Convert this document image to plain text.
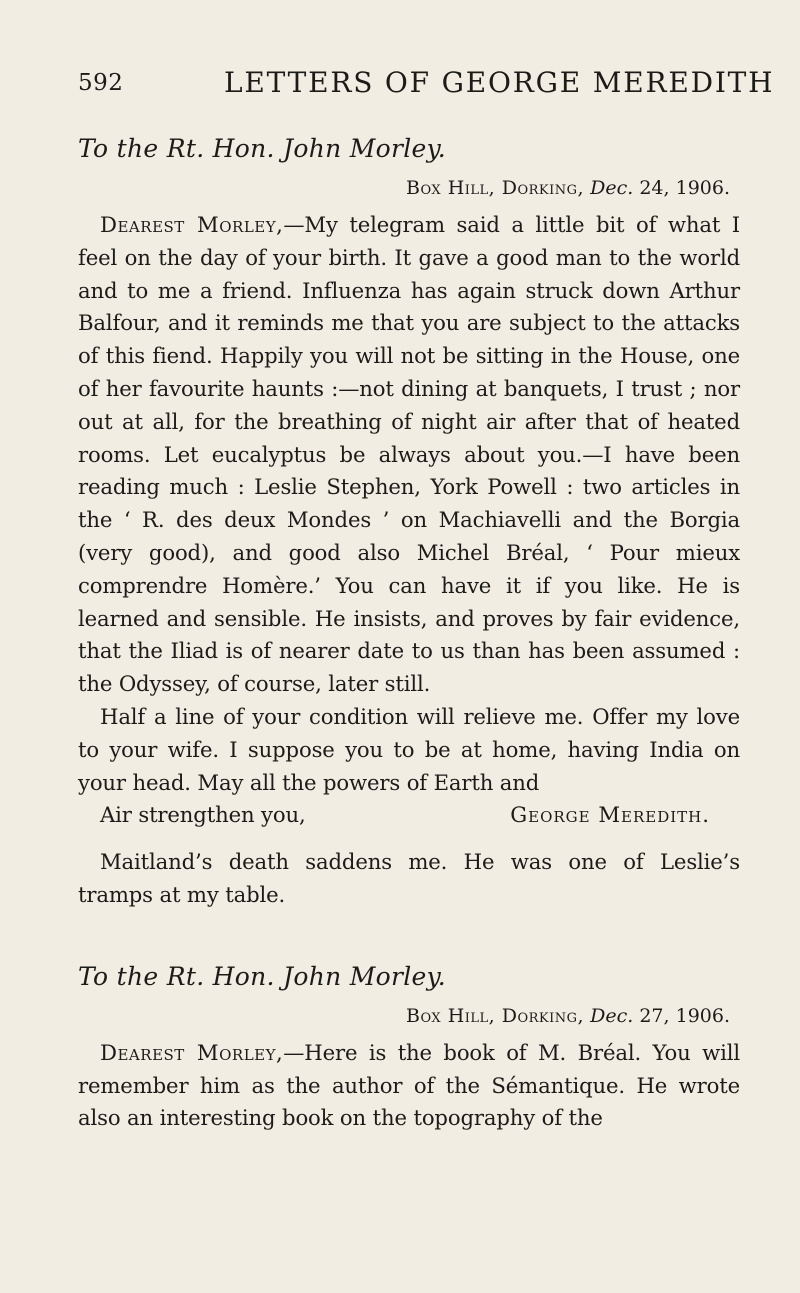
592	LETTERS OF GEORGE MEREDITH

To the Rt. Hon. John Morley.

Box Hill, Dorking, Dec. 24, 1906.

Dearest Morley,—My telegram said a little bit of what I feel on the day of your birth. It gave a good man to the world and to me a friend. Influenza has again struck down Arthur Balfour, and it reminds me that you are subject to the attacks of this fiend. Happily you will not be sitting in the House, one of her favourite haunts :—not dining at banquets, I trust ; nor out at all, for the breathing of night air after that of heated rooms. Let eucalyptus be always about you.—I have been reading much : Leslie Stephen, York Powell : two articles in the ‘ R. des deux Mondes ’ on Machiavelli and the Borgia (very good), and good also Michel Bréal, ‘ Pour mieux comprendre Homère.’ You can have it if you like. He is learned and sensible. He insists, and proves by fair evidence, that the Iliad is of nearer date to us than has been assumed : the Odyssey, of course, later still.

Half a line of your condition will relieve me. Offer my love to your wife. I suppose you to be at home, having India on your head. May all the powers of Earth and

Air strengthen you,	George Meredith.

Maitland’s death saddens me. He was one of Leslie’s tramps at my table.

To the Rt. Hon. John Morley.

Box Hill, Dorking, Dec. 27, 1906.

Dearest Morley,—Here is the book of M. Bréal. You will remember him as the author of the Sémantique. He wrote also an interesting book on the topography of the
